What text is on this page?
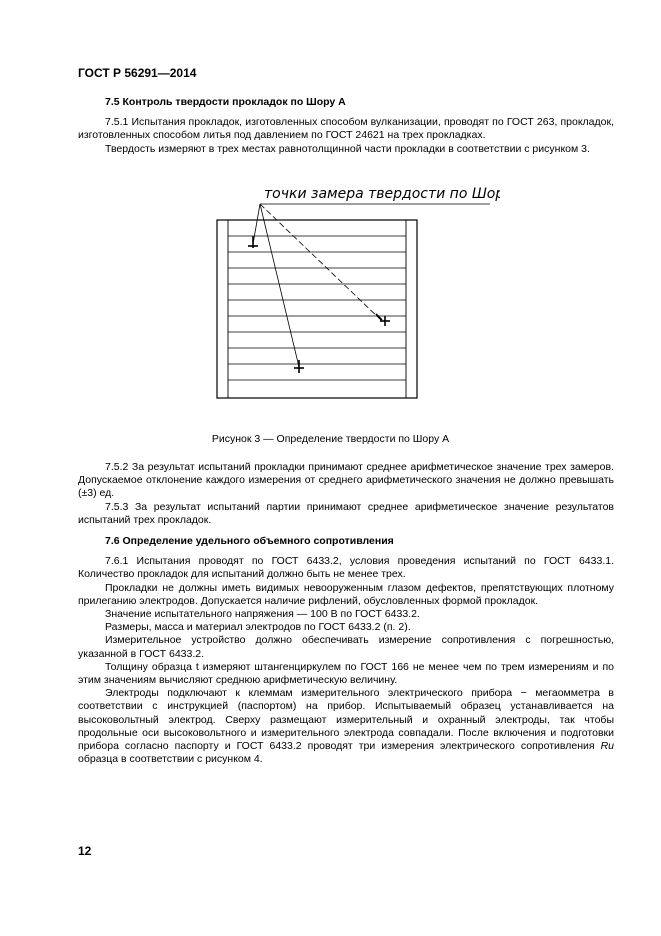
ГОСТ Р 56291—2014

7.5 Контроль твердости прокладок по Шору А

7.5.1 Испытания прокладок, изготовленных способом вулканизации, проводят по ГОСТ 263, прокладок, изготовленных способом литья под давлением по ГОСТ 24621 на трех прокладках.

Твердость измеряют в трех местах равнотолщинной части прокладки в соответствии с рисунком 3.

точки замера твердости по Шор А
Рисунок 3 — Определение твердости по Шору А

7.5.2 За результат испытаний прокладки принимают среднее арифметическое значение трех замеров. Допускаемое отклонение каждого измерения от среднего арифметического значения не должно превышать (±3) ед.

7.5.3 За результат испытаний партии принимают среднее арифметическое значение результатов испытаний трех прокладок.

7.6 Определение удельного объемного сопротивления

7.6.1 Испытания проводят по ГОСТ 6433.2, условия проведения испытаний по ГОСТ 6433.1. Количество прокладок для испытаний должно быть не менее трех.

Прокладки не должны иметь видимых невооруженным глазом дефектов, препятствующих плотному прилеганию электродов. Допускается наличие рифлений, обусловленных формой прокладок.

Значение испытательного напряжения — 100 В по ГОСТ 6433.2.

Размеры, масса и материал электродов по ГОСТ 6433.2 (п. 2).

Измерительное устройство должно обеспечивать измерение сопротивления с погрешностью, указанной в ГОСТ 6433.2.

Толщину образца t измеряют штангенциркулем по ГОСТ 166 не менее чем по трем измерениям и по этим значениям вычисляют среднюю арифметическую величину.

Электроды подключают к клеммам измерительного электрического прибора − мегаомметра в соответствии с инструкцией (паспортом) на прибор. Испытываемый образец устанавливается на высоковольтный электрод. Сверху размещают измерительный и охранный электроды, так чтобы продольные оси высоковольтного и измерительного электрода совпадали. После включения и подготовки прибора согласно паспорту и ГОСТ 6433.2 проводят три измерения электрического сопротивления Ru образца в соответствии с рисунком 4.

12
